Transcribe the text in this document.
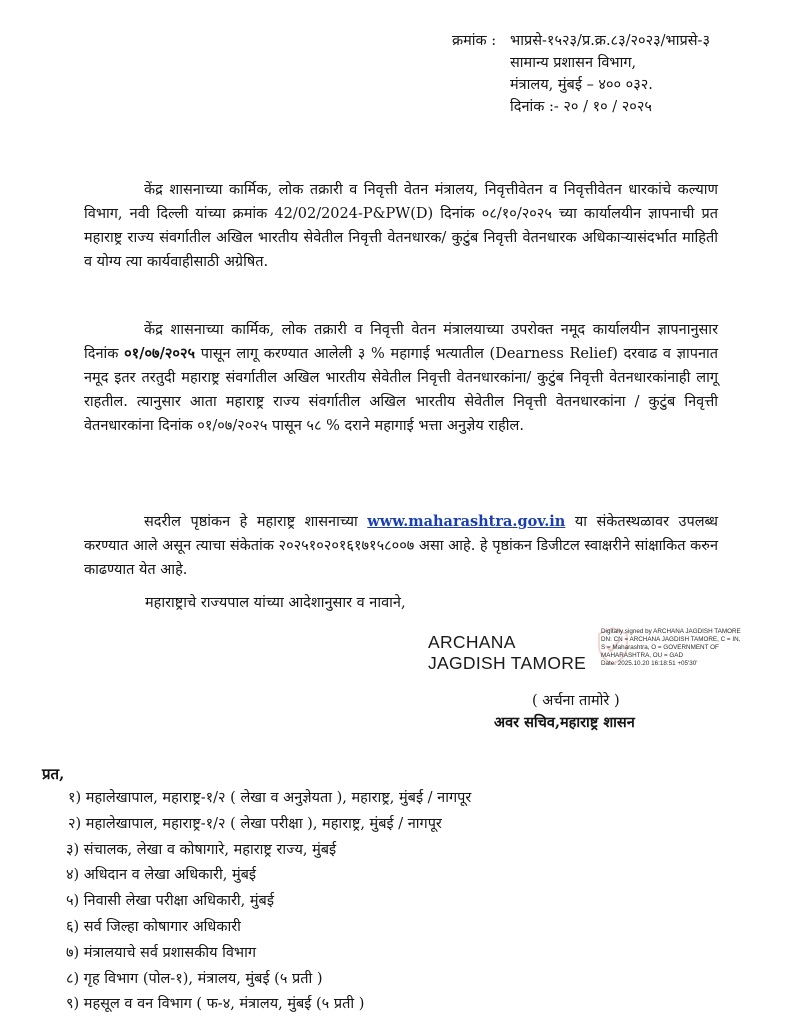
क्रमांक : भाप्रसे-१५२३/प्र.क्र.८३/२०२३/भाप्रसे-३
सामान्य प्रशासन विभाग,
मंत्रालय, मुंबई – ४०० ०३२.
दिनांक :- २० / १० / २०२५

केंद्र शासनाच्या कार्मिक, लोक तक्रारी व निवृत्ती वेतन मंत्रालय, निवृत्तीवेतन व निवृत्तीवेतन धारकांचे कल्याण विभाग, नवी दिल्ली यांच्या क्रमांक 42/02/2024-P&PW(D) दिनांक ०८/१०/२०२५ च्या कार्यालयीन ज्ञापनाची प्रत महाराष्ट्र राज्य संवर्गातील अखिल भारतीय सेवेतील निवृत्ती वेतनधारक/ कुटुंब निवृत्ती वेतनधारक अधिकाऱ्यासंदर्भात माहिती व योग्य त्या कार्यवाहीसाठी अग्रेषित.

केंद्र शासनाच्या कार्मिक, लोक तक्रारी व निवृत्ती वेतन मंत्रालयाच्या उपरोक्त नमूद कार्यालयीन ज्ञापनानुसार दिनांक ०१/०७/२०२५ पासून लागू करण्यात आलेली ३ % महागाई भत्यातील (Dearness Relief) दरवाढ व ज्ञापनात नमूद इतर तरतुदी महाराष्ट्र संवर्गातील अखिल भारतीय सेवेतील निवृत्ती वेतनधारकांना/ कुटुंब निवृत्ती वेतनधारकांनाही लागू राहतील. त्यानुसार आता महाराष्ट्र राज्य संवर्गातील अखिल भारतीय सेवेतील निवृत्ती वेतनधारकांना / कुटुंब निवृत्ती वेतनधारकांना दिनांक ०१/०७/२०२५ पासून ५८ % दराने महागाई भत्ता अनुज्ञेय राहील.

सदरील पृष्ठांकन हे महाराष्ट्र शासनाच्या www.maharashtra.gov.in या संकेतस्थळावर उपलब्ध करण्यात आले असून त्याचा संकेतांक २०२५१०२०१६१७१५८००७ असा आहे. हे पृष्ठांकन डिजीटल स्वाक्षरीने सांक्षाकित करुन काढण्यात येत आहे.

महाराष्ट्राचे राज्यपाल यांच्या आदेशानुसार व नावाने,
ARCHANA
JAGDISH TAMORE
Digitally signed by ARCHANA JAGDISH TAMORE
DN: CN = ARCHANA JAGDISH TAMORE, C = IN,
S = Maharashtra, O = GOVERNMENT OF
MAHARASHTRA, OU = GAD
Date: 2025.10.20 16:18:51 +05'30'
( अर्चना तामोरे )
अवर सचिव,महाराष्ट्र शासन
प्रत,
१) महालेखापाल, महाराष्ट्र-१/२ ( लेखा व अनुज्ञेयता ), महाराष्ट्र, मुंबई / नागपूर
२) महालेखापाल, महाराष्ट्र-१/२ ( लेखा परीक्षा ), महाराष्ट्र, मुंबई / नागपूर
३) संचालक, लेखा व कोषागारे, महाराष्ट्र राज्य, मुंबई
४) अधिदान व लेखा अधिकारी, मुंबई
५) निवासी लेखा परीक्षा अधिकारी, मुंबई
६) सर्व जिल्हा कोषागार अधिकारी
७) मंत्रालयाचे सर्व प्रशासकीय विभाग
८) गृह विभाग (पोल-१), मंत्रालय, मुंबई (५ प्रती )
९) महसूल व वन विभाग ( फ-४, मंत्रालय, मुंबई (५ प्रती )
